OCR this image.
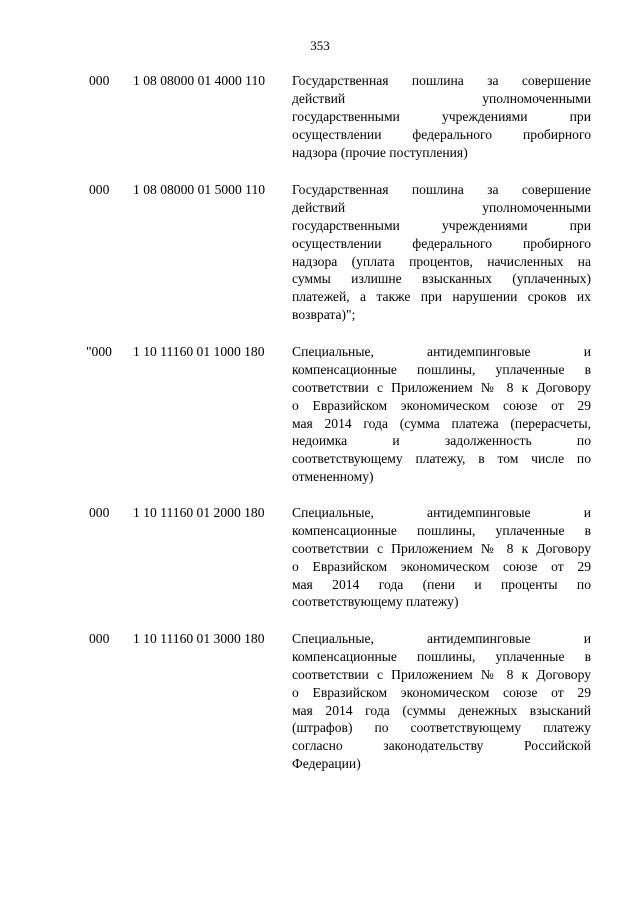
353
000 1 08 08000 01 4000 110 Государственная пошлина за совершение
действий уполномоченными
государственными учреждениями при
осуществлении федерального пробирного
надзора (прочие поступления)
000 1 08 08000 01 5000 110 Государственная пошлина за совершение
действий уполномоченными
государственными учреждениями при
осуществлении федерального пробирного
надзора (уплата процентов, начисленных на
суммы излишне взысканных (уплаченных)
платежей, а также при нарушении сроков их
возврата)";
"000 1 10 11160 01 1000 180 Специальные, антидемпинговые и
компенсационные пошлины, уплаченные в
соответствии с Приложением № 8 к Договору
о Евразийском экономическом союзе от 29
мая 2014 года (сумма платежа (перерасчеты,
недоимка и задолженность по
соответствующему платежу, в том числе по
отмененному)
000 1 10 11160 01 2000 180 Специальные, антидемпинговые и
компенсационные пошлины, уплаченные в
соответствии с Приложением № 8 к Договору
о Евразийском экономическом союзе от 29
мая 2014 года (пени и проценты по
соответствующему платежу)
000 1 10 11160 01 3000 180 Специальные, антидемпинговые и
компенсационные пошлины, уплаченные в
соответствии с Приложением № 8 к Договору
о Евразийском экономическом союзе от 29
мая 2014 года (суммы денежных взысканий
(штрафов) по соответствующему платежу
согласно законодательству Российской
Федерации)
